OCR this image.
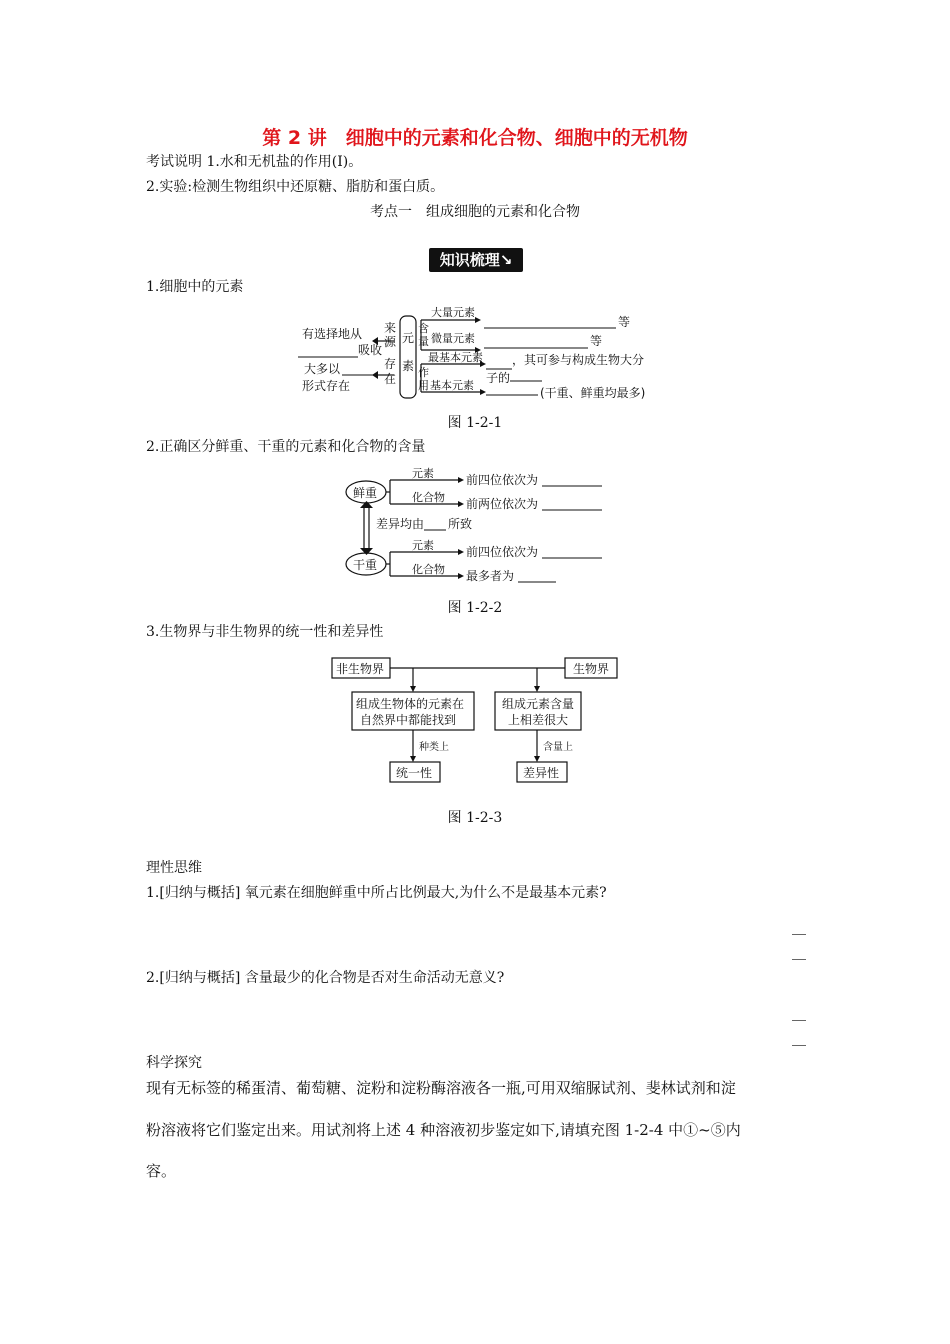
第 2 讲　细胞中的元素和化合物、细胞中的无机物
考试说明 1.水和无机盐的作用(Ⅰ)。
2.实验:检测生物组织中还原糖、脂肪和蛋白质。
考点一　组成细胞的元素和化合物
知识梳理↘
1.细胞中的元素
有选择地从
吸收
大多以
形式存在
来
源
存
在
元
素
含
量
作
用
大量元素
微量元素
最基本元素
基本元素
等
等
，其可参与构成生物大分
子的
(干重、鲜重均最多)
图 1-2-1
2.正确区分鲜重、干重的元素和化合物的含量
鲜重
干重
元素
化合物
元素
化合物
前四位依次为
前两位依次为
差异均由 所致
前四位依次为
最多者为
图 1-2-2
3.生物界与非生物界的统一性和差异性
非生物界	生物界
组成生物体的元素在
自然界中都能找到
组成元素含量
上相差很大
统一性	差异性
种类上	含量上
图 1-2-3
理性思维
1.[归纳与概括] 氧元素在细胞鲜重中所占比例最大,为什么不是最基本元素?
2.[归纳与概括] 含量最少的化合物是否对生命活动无意义?
科学探究
现有无标签的稀蛋清、葡萄糖、淀粉和淀粉酶溶液各一瓶,可用双缩脲试剂、斐林试剂和淀
粉溶液将它们鉴定出来。用试剂将上述 4 种溶液初步鉴定如下,请填充图 1-2-4 中①~⑤内
容。
